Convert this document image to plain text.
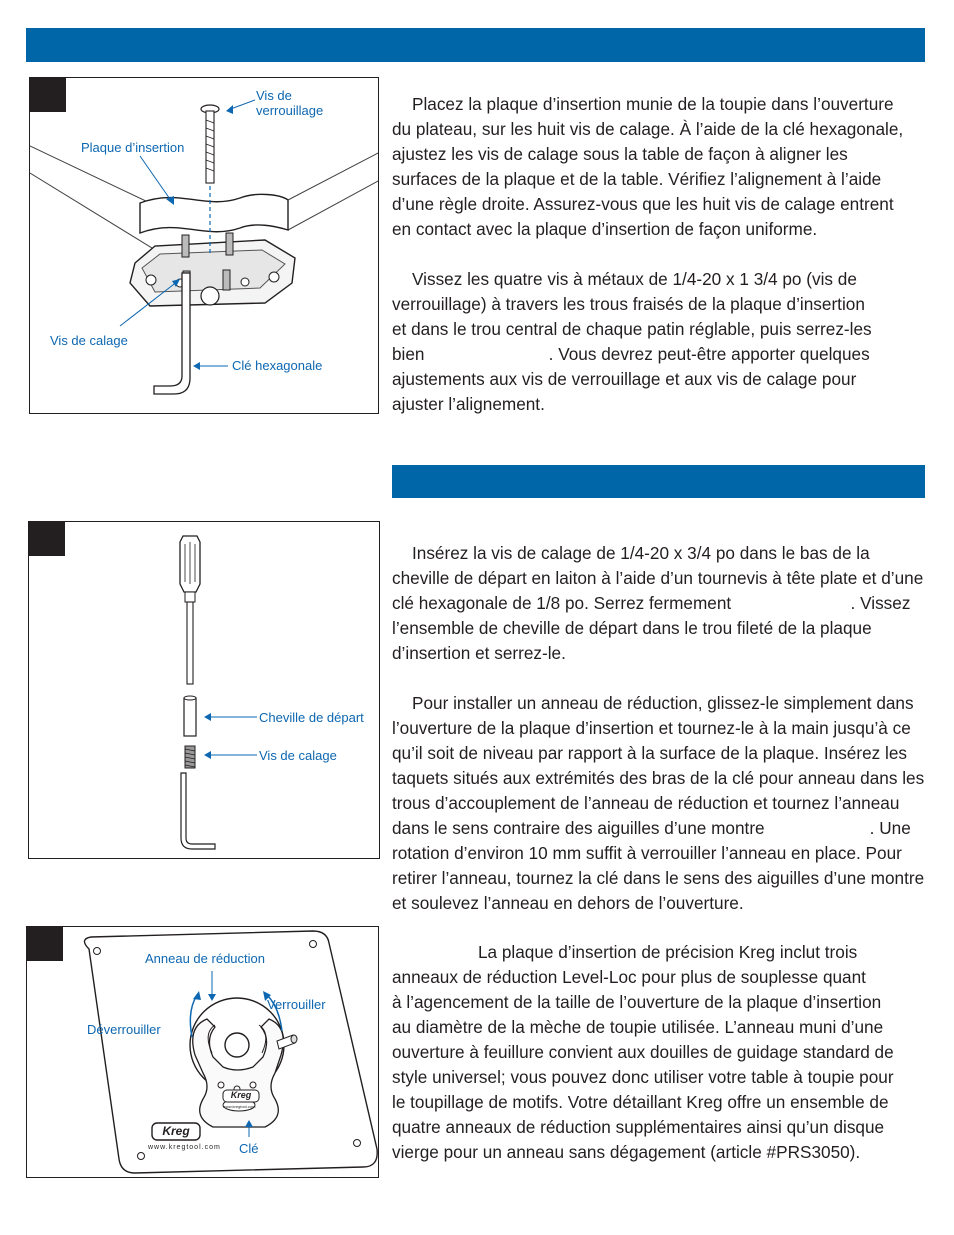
Vis de
verrouillage
Plaque d’insertion
Vis de calage
Clé hexagonale

Placez la plaque d’insertion munie de la toupie dans l’ouverture
du plateau, sur les huit vis de calage. À l’aide de la clé hexagonale,
ajustez les vis de calage sous la table de façon à aligner les
surfaces de la plaque et de la table. Vérifiez l’alignement à l’aide
d’une règle droite. Assurez-vous que les huit vis de calage entrent
en contact avec la plaque d’insertion de façon uniforme.

Vissez les quatre vis à métaux de 1/4-20 x 1 3/4 po (vis de
verrouillage) à travers les trous fraisés de la plaque d’insertion
et dans le trou central de chaque patin réglable, puis serrez-les
bien                          . Vous devrez peut-être apporter quelques
ajustements aux vis de verrouillage et aux vis de calage pour
ajuster l’alignement.

Cheville de départ
Vis de calage

Insérez la vis de calage de 1/4-20 x 3/4 po dans le bas de la
cheville de départ en laiton à l’aide d’un tournevis à tête plate et d’une
clé hexagonale de 1/8 po. Serrez fermement                         . Vissez
l’ensemble de cheville de départ dans le trou fileté de la plaque
d’insertion et serrez-le.

Pour installer un anneau de réduction, glissez-le simplement dans
l’ouverture de la plaque d’insertion et tournez-le à la main jusqu’à ce
qu’il soit de niveau par rapport à la surface de la plaque. Insérez les
taquets situés aux extrémités des bras de la clé pour anneau dans les
trous d’accouplement de l’anneau de réduction et tournez l’anneau
dans le sens contraire des aiguilles d’une montre                      . Une
rotation d’environ 10 mm suffit à verrouiller l’anneau en place. Pour
retirer l’anneau, tournez la clé dans le sens des aiguilles d’une montre
et soulevez l’anneau en dehors de l’ouverture.

La plaque d’insertion de précision Kreg inclut trois
anneaux de réduction Level-Loc pour plus de souplesse quant
à l’agencement de la taille de l’ouverture de la plaque d’insertion
au diamètre de la mèche de toupie utilisée. L’anneau muni d’une
ouverture à feuillure convient aux douilles de guidage standard de
style universel; vous pouvez donc utiliser votre table à toupie pour
le toupillage de motifs. Votre détaillant Kreg offre un ensemble de
quatre anneaux de réduction supplémentaires ainsi qu’un disque
vierge pour un anneau sans dégagement (article #PRS3050).

Anneau de réduction
Verrouiller
Déverrouiller
Clé
Kreg
www.kregtool.com
Kreg
www.kregtool.com
